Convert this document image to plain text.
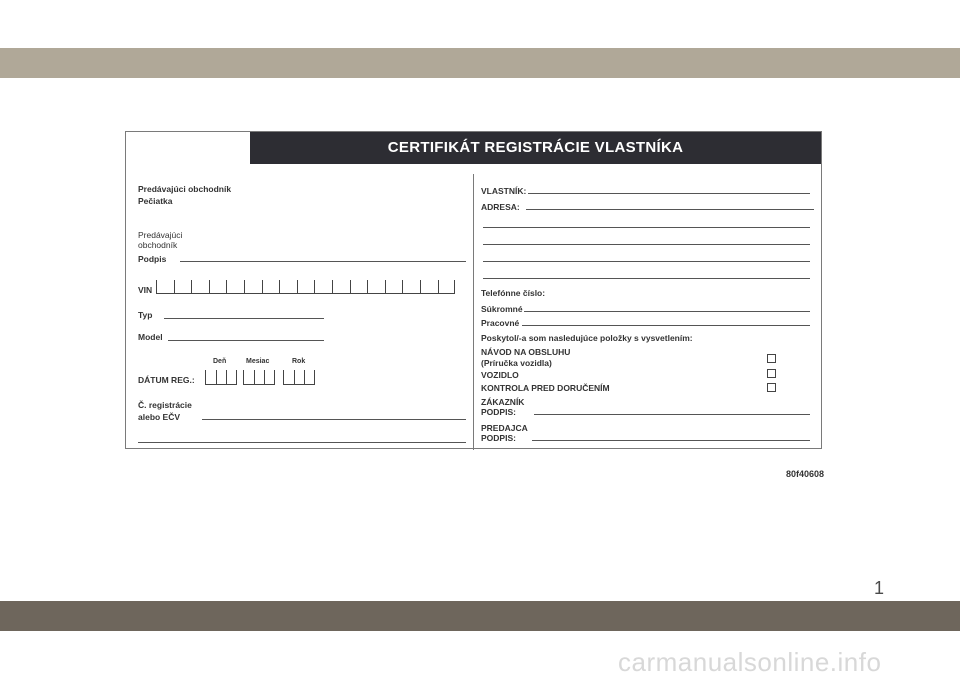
CERTIFIKÁT REGISTRÁCIE VLASTNÍKA
Predávajúci obchodník
Pečiatka
Predávajúci
obchodník
Podpis
VIN
Typ
Model
Deň	Mesiac	Rok
DÁTUM REG.:
Č. registrácie
alebo EČV
VLASTNÍK:
ADRESA:
Telefónne číslo:
Súkromné
Pracovné
Poskytol/-a som nasledujúce položky s vysvetlením:
NÁVOD NA OBSLUHU
(Príručka vozidla)
VOZIDLO
KONTROLA PRED DORUČENÍM
ZÁKAZNÍK
PODPIS:
PREDAJCA
PODPIS:
80f40608
1
carmanualsonline.info
